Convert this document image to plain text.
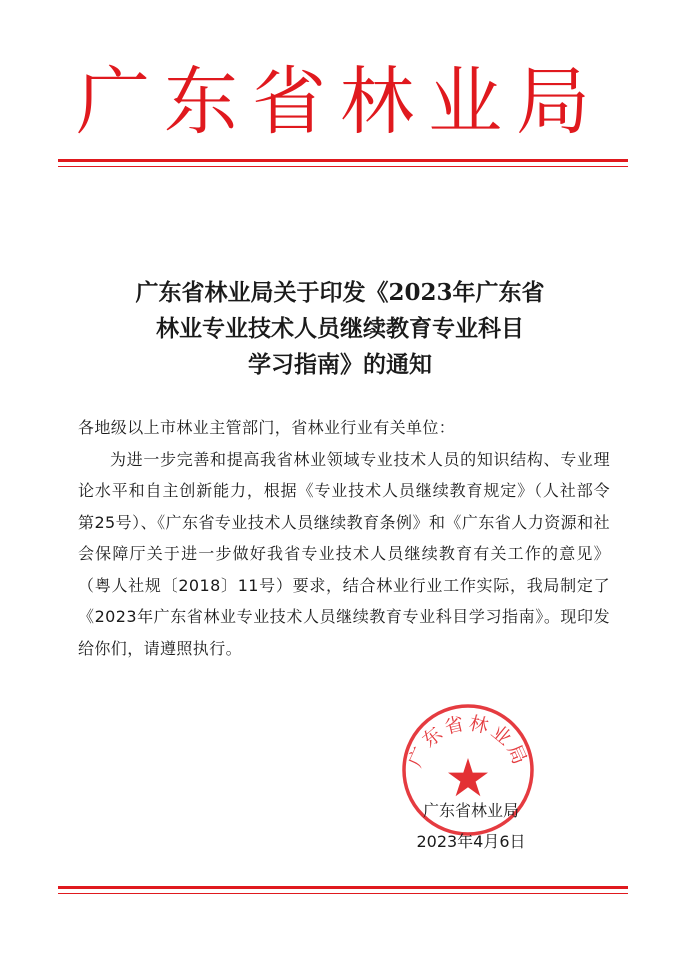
广东省林业局
广东省林业局关于印发《2023年广东省
林业专业技术人员继续教育专业科目
学习指南》的通知

各地级以上市林业主管部门，省林业行业有关单位：

为进一步完善和提高我省林业领域专业技术人员的知识结构、专业理论水平和自主创新能力，根据《专业技术人员继续教育规定》（人社部令第25号）、《广东省专业技术人员继续教育条例》和《广东省人力资源和社会保障厅关于进一步做好我省专业技术人员继续教育有关工作的意见》（粤人社规〔2018〕11号）要求，结合林业行业工作实际，我局制定了《2023年广东省林业专业技术人员继续教育专业科目学习指南》。现印发给你们，请遵照执行。

广东省林业局
广东省林业局
2023年4月6日
